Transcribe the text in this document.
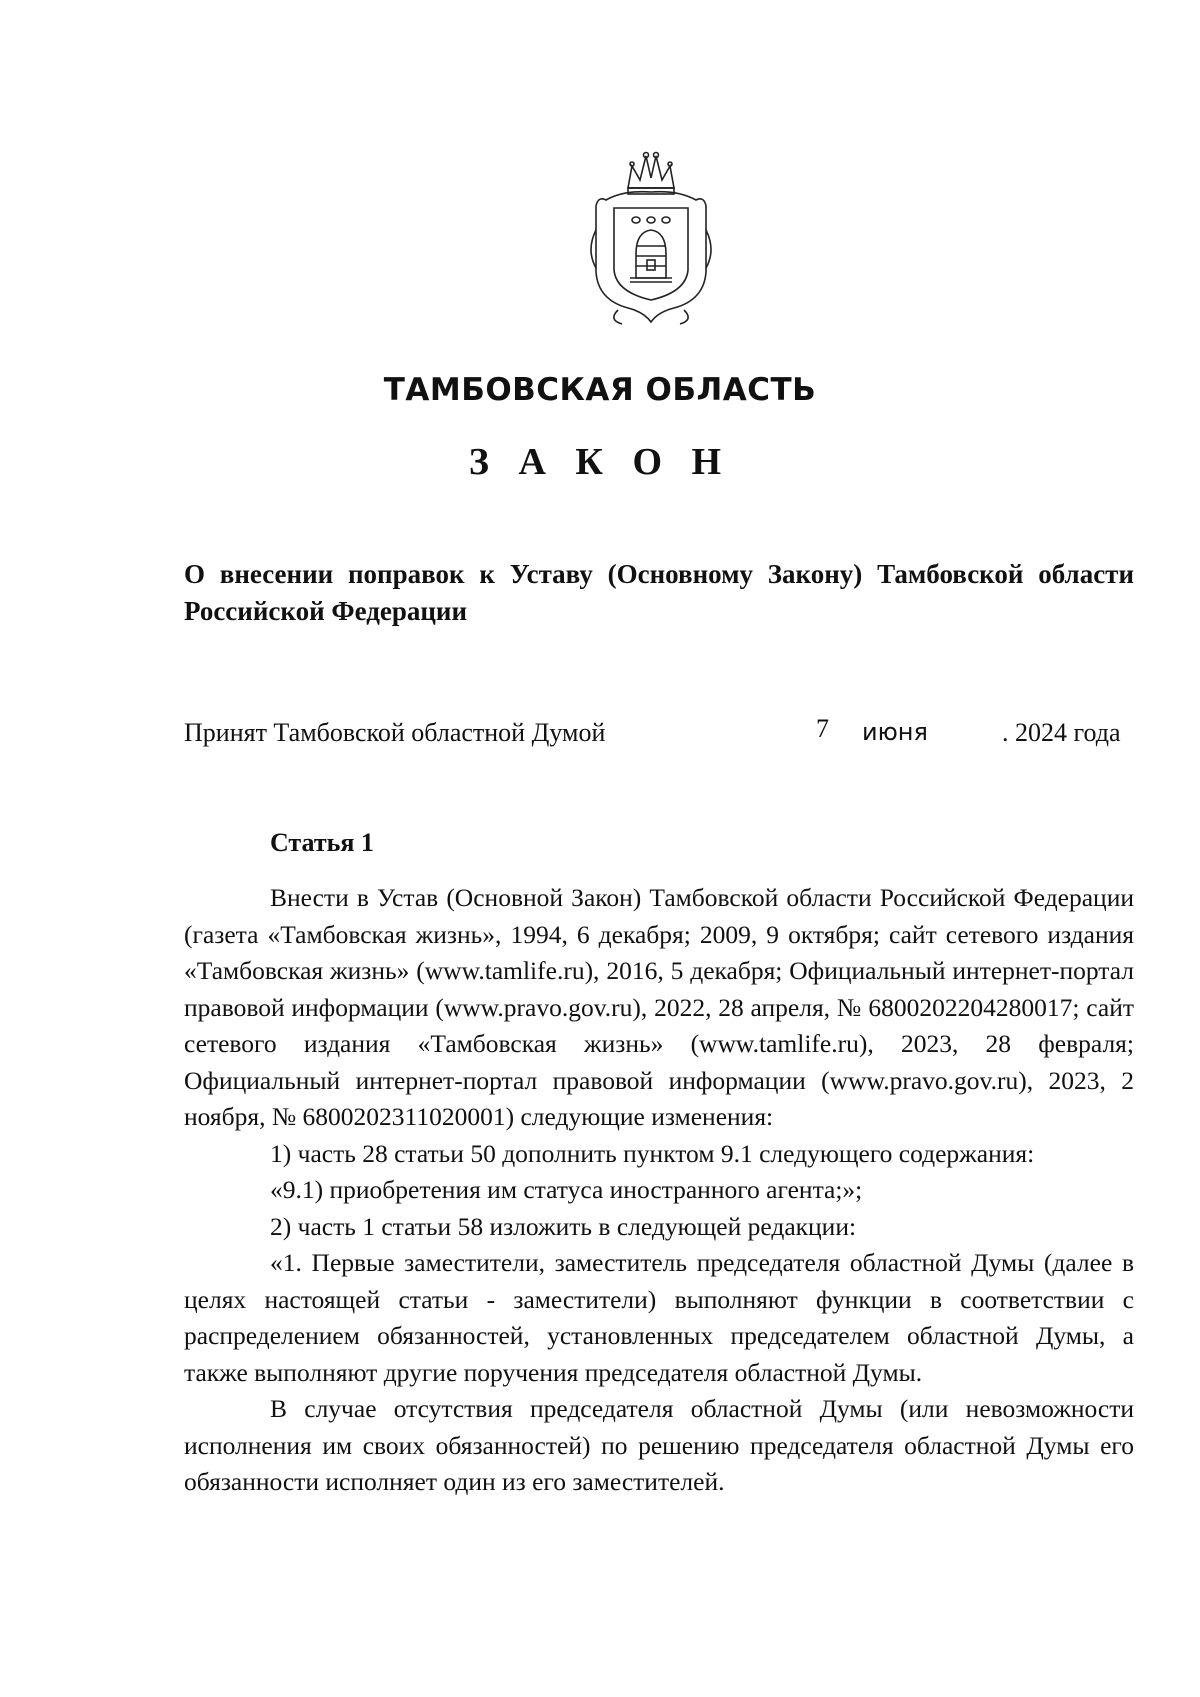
ТАМБОВСКАЯ ОБЛАСТЬ
З А К О Н
О внесении поправок к Уставу (Основному Закону) Тамбовской области Российской Федерации
Принят Тамбовской областной Думой	7 июня	. 2024 года
Статья 1

Внести в Устав (Основной Закон) Тамбовской области Российской Федерации (газета «Тамбовская жизнь», 1994, 6 декабря; 2009, 9 октября; сайт сетевого издания «Тамбовская жизнь» (www.tamlife.ru), 2016, 5 декабря; Официальный интернет-портал правовой информации (www.pravo.gov.ru), 2022, 28 апреля, № 6800202204280017; сайт сетевого издания «Тамбовская жизнь» (www.tamlife.ru), 2023, 28 февраля; Официальный интернет-портал правовой информации (www.pravo.gov.ru), 2023, 2 ноября, № 6800202311020001) следующие изменения:

1) часть 28 статьи 50 дополнить пунктом 9.1 следующего содержания:

«9.1) приобретения им статуса иностранного агента;»;

2) часть 1 статьи 58 изложить в следующей редакции:

«1. Первые заместители, заместитель председателя областной Думы (далее в целях настоящей статьи - заместители) выполняют функции в соответствии с распределением обязанностей, установленных председателем областной Думы, а также выполняют другие поручения председателя областной Думы.

В случае отсутствия председателя областной Думы (или невозможности исполнения им своих обязанностей) по решению председателя областной Думы его обязанности исполняет один из его заместителей.
